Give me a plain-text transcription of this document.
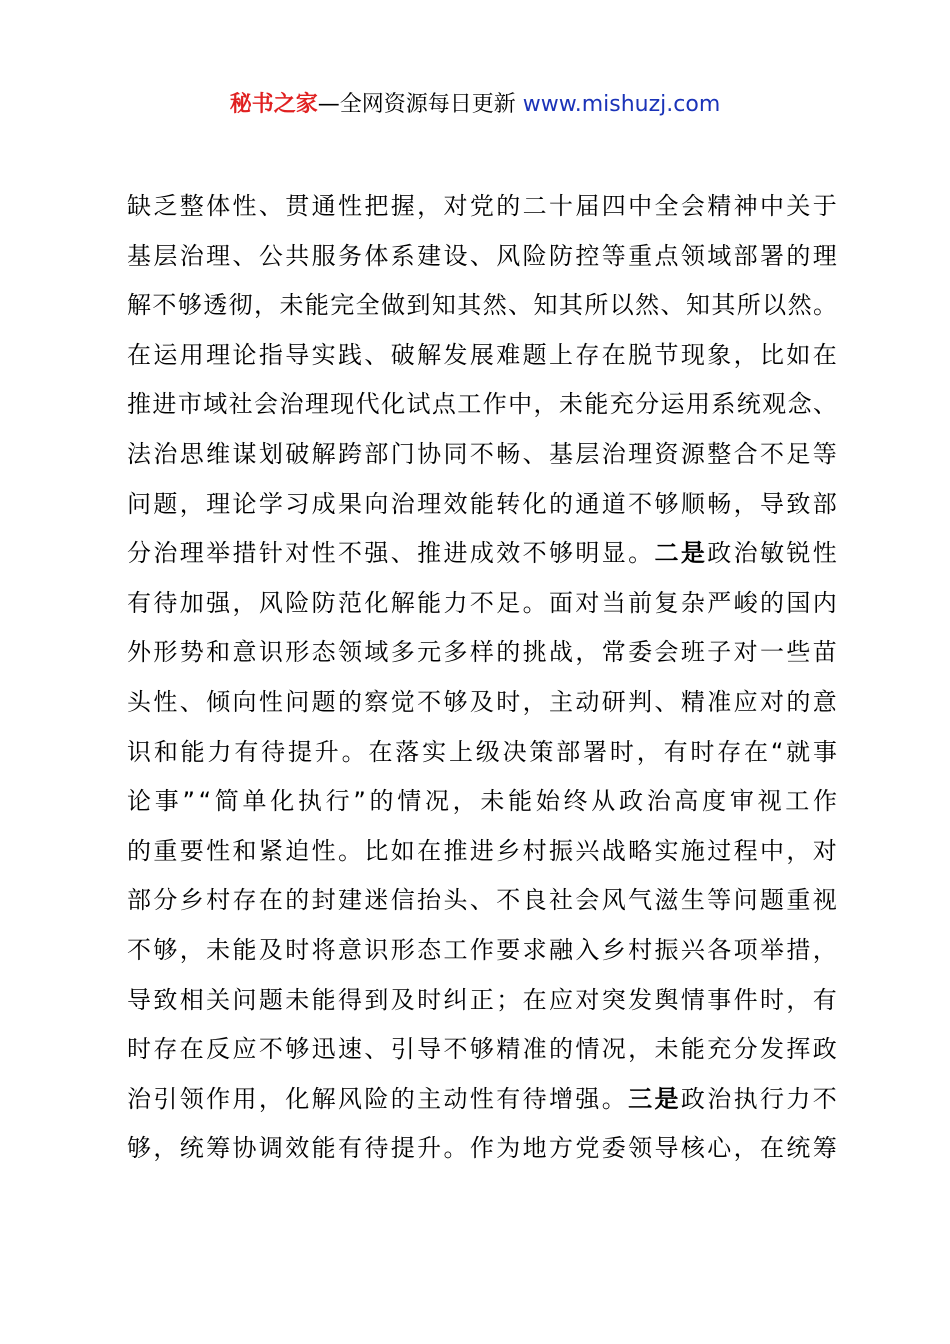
秘书之家—全网资源每日更新 www.mishuzj.com
缺 乏 整 体 性 、 贯 通 性 把 握 ， 对 党 的 二 十 届 四 中 全 会 精 神 中 关 于
基 层 治 理 、 公 共 服 务 体 系 建 设 、 风 险 防 控 等 重 点 领 域 部 署 的 理
解 不 够 透 彻 ， 未 能 完 全 做 到 知 其 然 、 知 其 所 以 然 、 知 其 所 以 然 。
在 运 用 理 论 指 导 实 践 、 破 解 发 展 难 题 上 存 在 脱 节 现 象 ， 比 如 在
推 进 市 域 社 会 治 理 现 代 化 试 点 工 作 中 ， 未 能 充 分 运 用 系 统 观 念 、
法 治 思 维 谋 划 破 解 跨 部 门 协 同 不 畅 、 基 层 治 理 资 源 整 合 不 足 等
问 题 ， 理 论 学 习 成 果 向 治 理 效 能 转 化 的 通 道 不 够 顺 畅 ， 导 致 部
分 治 理 举 措 针 对 性 不 强 、 推 进 成 效 不 够 明 显 。 二 是 政 治 敏 锐 性
有 待 加 强 ， 风 险 防 范 化 解 能 力 不 足 。 面 对 当 前 复 杂 严 峻 的 国 内
外 形 势 和 意 识 形 态 领 域 多 元 多 样 的 挑 战 ， 常 委 会 班 子 对 一 些 苗
头 性 、 倾 向 性 问 题 的 察 觉 不 够 及 时 ， 主 动 研 判 、 精 准 应 对 的 意
识 和 能 力 有 待 提 升 。 在 落 实 上 级 决 策 部 署 时 ， 有 时 存 在 “ 就 事
论 事 ” “ 简 单 化 执 行 ” 的 情 况 ， 未 能 始 终 从 政 治 高 度 审 视 工 作
的 重 要 性 和 紧 迫 性 。 比 如 在 推 进 乡 村 振 兴 战 略 实 施 过 程 中 ， 对
部 分 乡 村 存 在 的 封 建 迷 信 抬 头 、 不 良 社 会 风 气 滋 生 等 问 题 重 视
不 够 ， 未 能 及 时 将 意 识 形 态 工 作 要 求 融 入 乡 村 振 兴 各 项 举 措 ，
导 致 相 关 问 题 未 能 得 到 及 时 纠 正 ； 在 应 对 突 发 舆 情 事 件 时 ， 有
时 存 在 反 应 不 够 迅 速 、 引 导 不 够 精 准 的 情 况 ， 未 能 充 分 发 挥 政
治 引 领 作 用 ， 化 解 风 险 的 主 动 性 有 待 增 强 。 三 是 政 治 执 行 力 不
够 ， 统 筹 协 调 效 能 有 待 提 升 。 作 为 地 方 党 委 领 导 核 心 ， 在 统 筹
